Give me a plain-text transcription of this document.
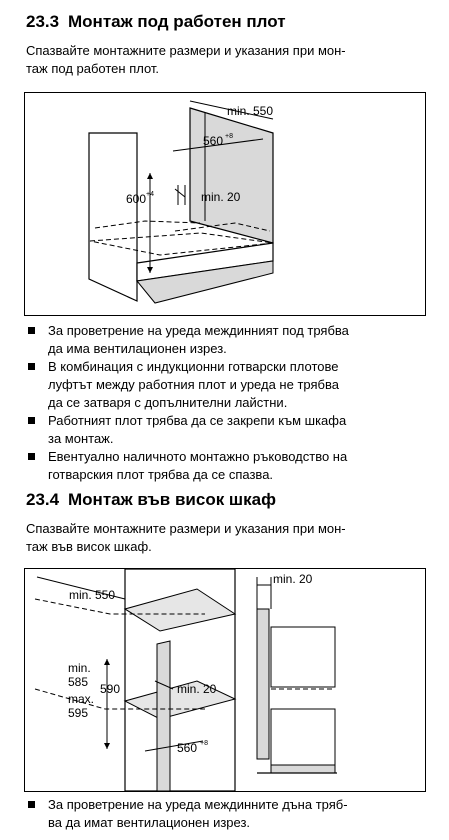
23.3 Монтаж под работен плот

Спазвайте монтажните размери и указания при мон-
таж под работен плот.

min. 550
560 +8
600 +4	min. 20
За проветрение на уреда междинният под трябва
да има вентилационен изрез.
В комбинация с индукционни готварски плотове
луфтът между работния плот и уреда не трябва
да се затваря с допълнителни лайстни.
Работният плот трябва да се закрепи към шкафа
за монтаж.
Евентуално наличното монтажно ръководство на
готварския плот трябва да се спазва.
23.4 Монтаж във висок шкаф

Спазвайте монтажните размери и указания при мон-
таж във висок шкаф.

min. 550
min.
585
max.
595
590	min. 20
560 +8
min. 20
За проветрение на уреда междинните дъна тряб-
ва да имат вентилационен изрез.
